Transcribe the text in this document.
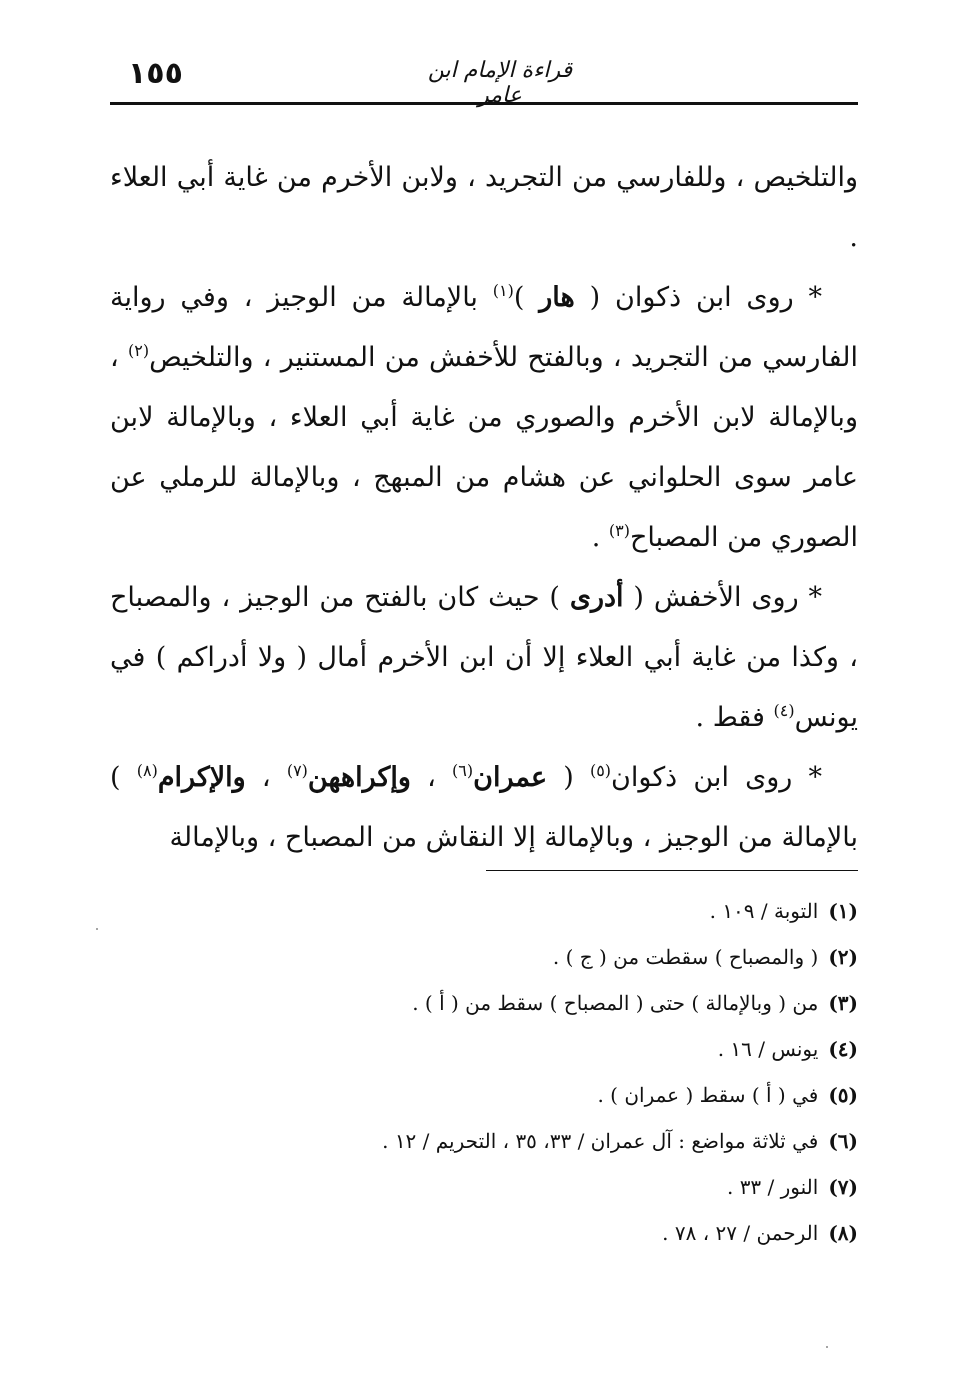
١٥٥	قراءة الإمام ابن عامر

والتلخيص ، وللفارسي من التجريد ، ولابن الأخرم من غاية أبي العلاء .

* روى ابن ذكوان ( هار )$^{(١)}$ بالإمالة من الوجيز ، وفي رواية الفارسي من التجريد ، وبالفتح للأخفش من المستنير ، والتلخيص$^{(٢)}$ ، وبالإمالة لابن الأخرم والصوري من غاية أبي العلاء ، وبالإمالة لابن عامر سوى الحلواني عن هشام من المبهج ، وبالإمالة للرملي عن الصوري من المصباح$^{(٣)}$ .

* روى الأخفش ( أدرى ) حيث كان بالفتح من الوجيز ، والمصباح ، وكذا من غاية أبي العلاء إلا أن ابن الأخرم أمال ( ولا أدراكم ) في يونس$^{(٤)}$ فقط .

* روى ابن ذكوان$^{(٥)}$ ( عمران$^{(٦)}$ ، وإكراههن$^{(٧)}$ ، والإكرام$^{(٨)}$ ) بالإمالة من الوجيز ، وبالإمالة إلا النقاش من المصباح ، وبالإمالة

(١)التوبة / ١٠٩ .
(٢)( والمصباح ) سقطت من ( ج ) .
(٣)من ( وبالإمالة ) حتى ( المصباح ) سقط من ( أ ) .
(٤)يونس / ١٦ .
(٥)في ( أ ) سقط ( عمران ) .
(٦)في ثلاثة مواضع : آل عمران / ٣٣، ٣٥ ، التحريم / ١٢ .
(٧)النور / ٣٣ .
(٨)الرحمن / ٢٧ ، ٧٨ .
